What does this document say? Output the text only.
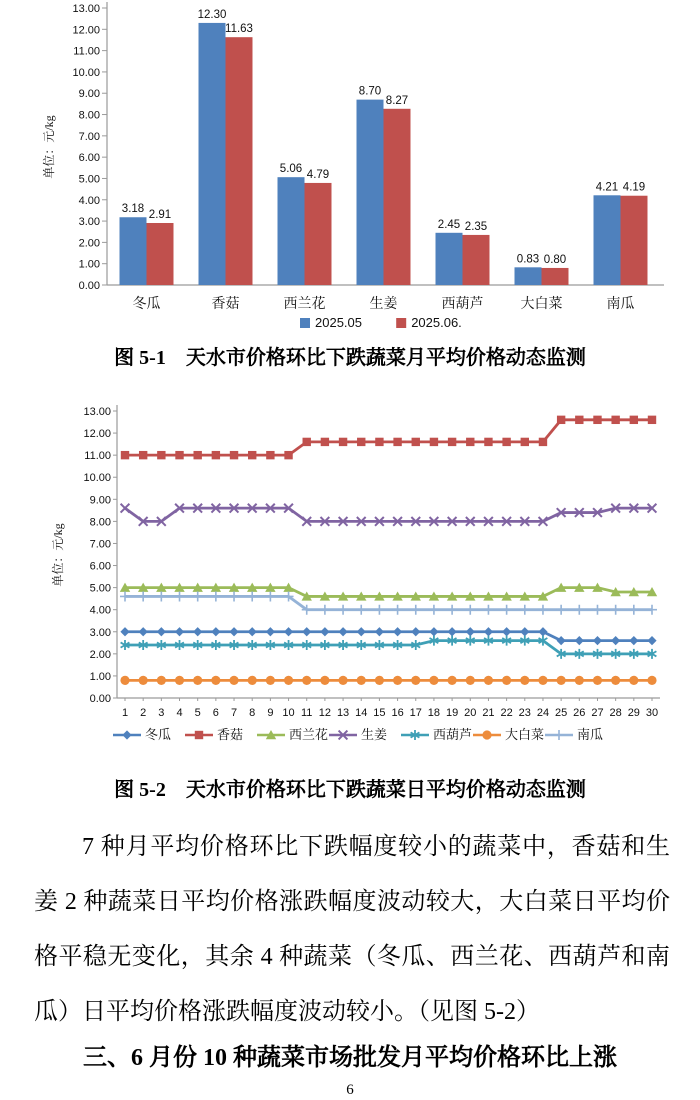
0.00
1.00
2.00
3.00
4.00
5.00
6.00
7.00
8.00
9.00
10.00
11.00
12.00
13.00
单位：元/kg
3.18 2.91
冬瓜
12.30
11.63
香菇
5.06 4.79
西兰花
8.70
8.27
生姜
2.45 2.35
西葫芦
0.83 0.80
大白菜
4.21 4.19
南瓜
2025.05	2025.06.
图 5-1　天水市价格环比下跌蔬菜月平均价格动态监测
0.00
1.00
2.00
3.00
4.00
5.00
6.00
7.00
8.00
9.00
10.00
11.00
12.00
13.00
单位：元/kg
1 2 3 4 5 6 7 8 9 10 11 12 13 14 15 16 17 18 19 20 21 22 23 24 25 26 27 28 29 30
冬瓜	香菇	西兰花	生姜	西葫芦	大白菜	南瓜
图 5-2　天水市价格环比下跌蔬菜日平均价格动态监测

7 种月平均价格环比下跌幅度较小的蔬菜中，香菇和生姜 2 种蔬菜日平均价格涨跌幅度波动较大，大白菜日平均价格平稳无变化，其余 4 种蔬菜（冬瓜、西兰花、西葫芦和南瓜）日平均价格涨跌幅度波动较小。（见图 5-2）

三、6 月份 10 种蔬菜市场批发月平均价格环比上涨
6
